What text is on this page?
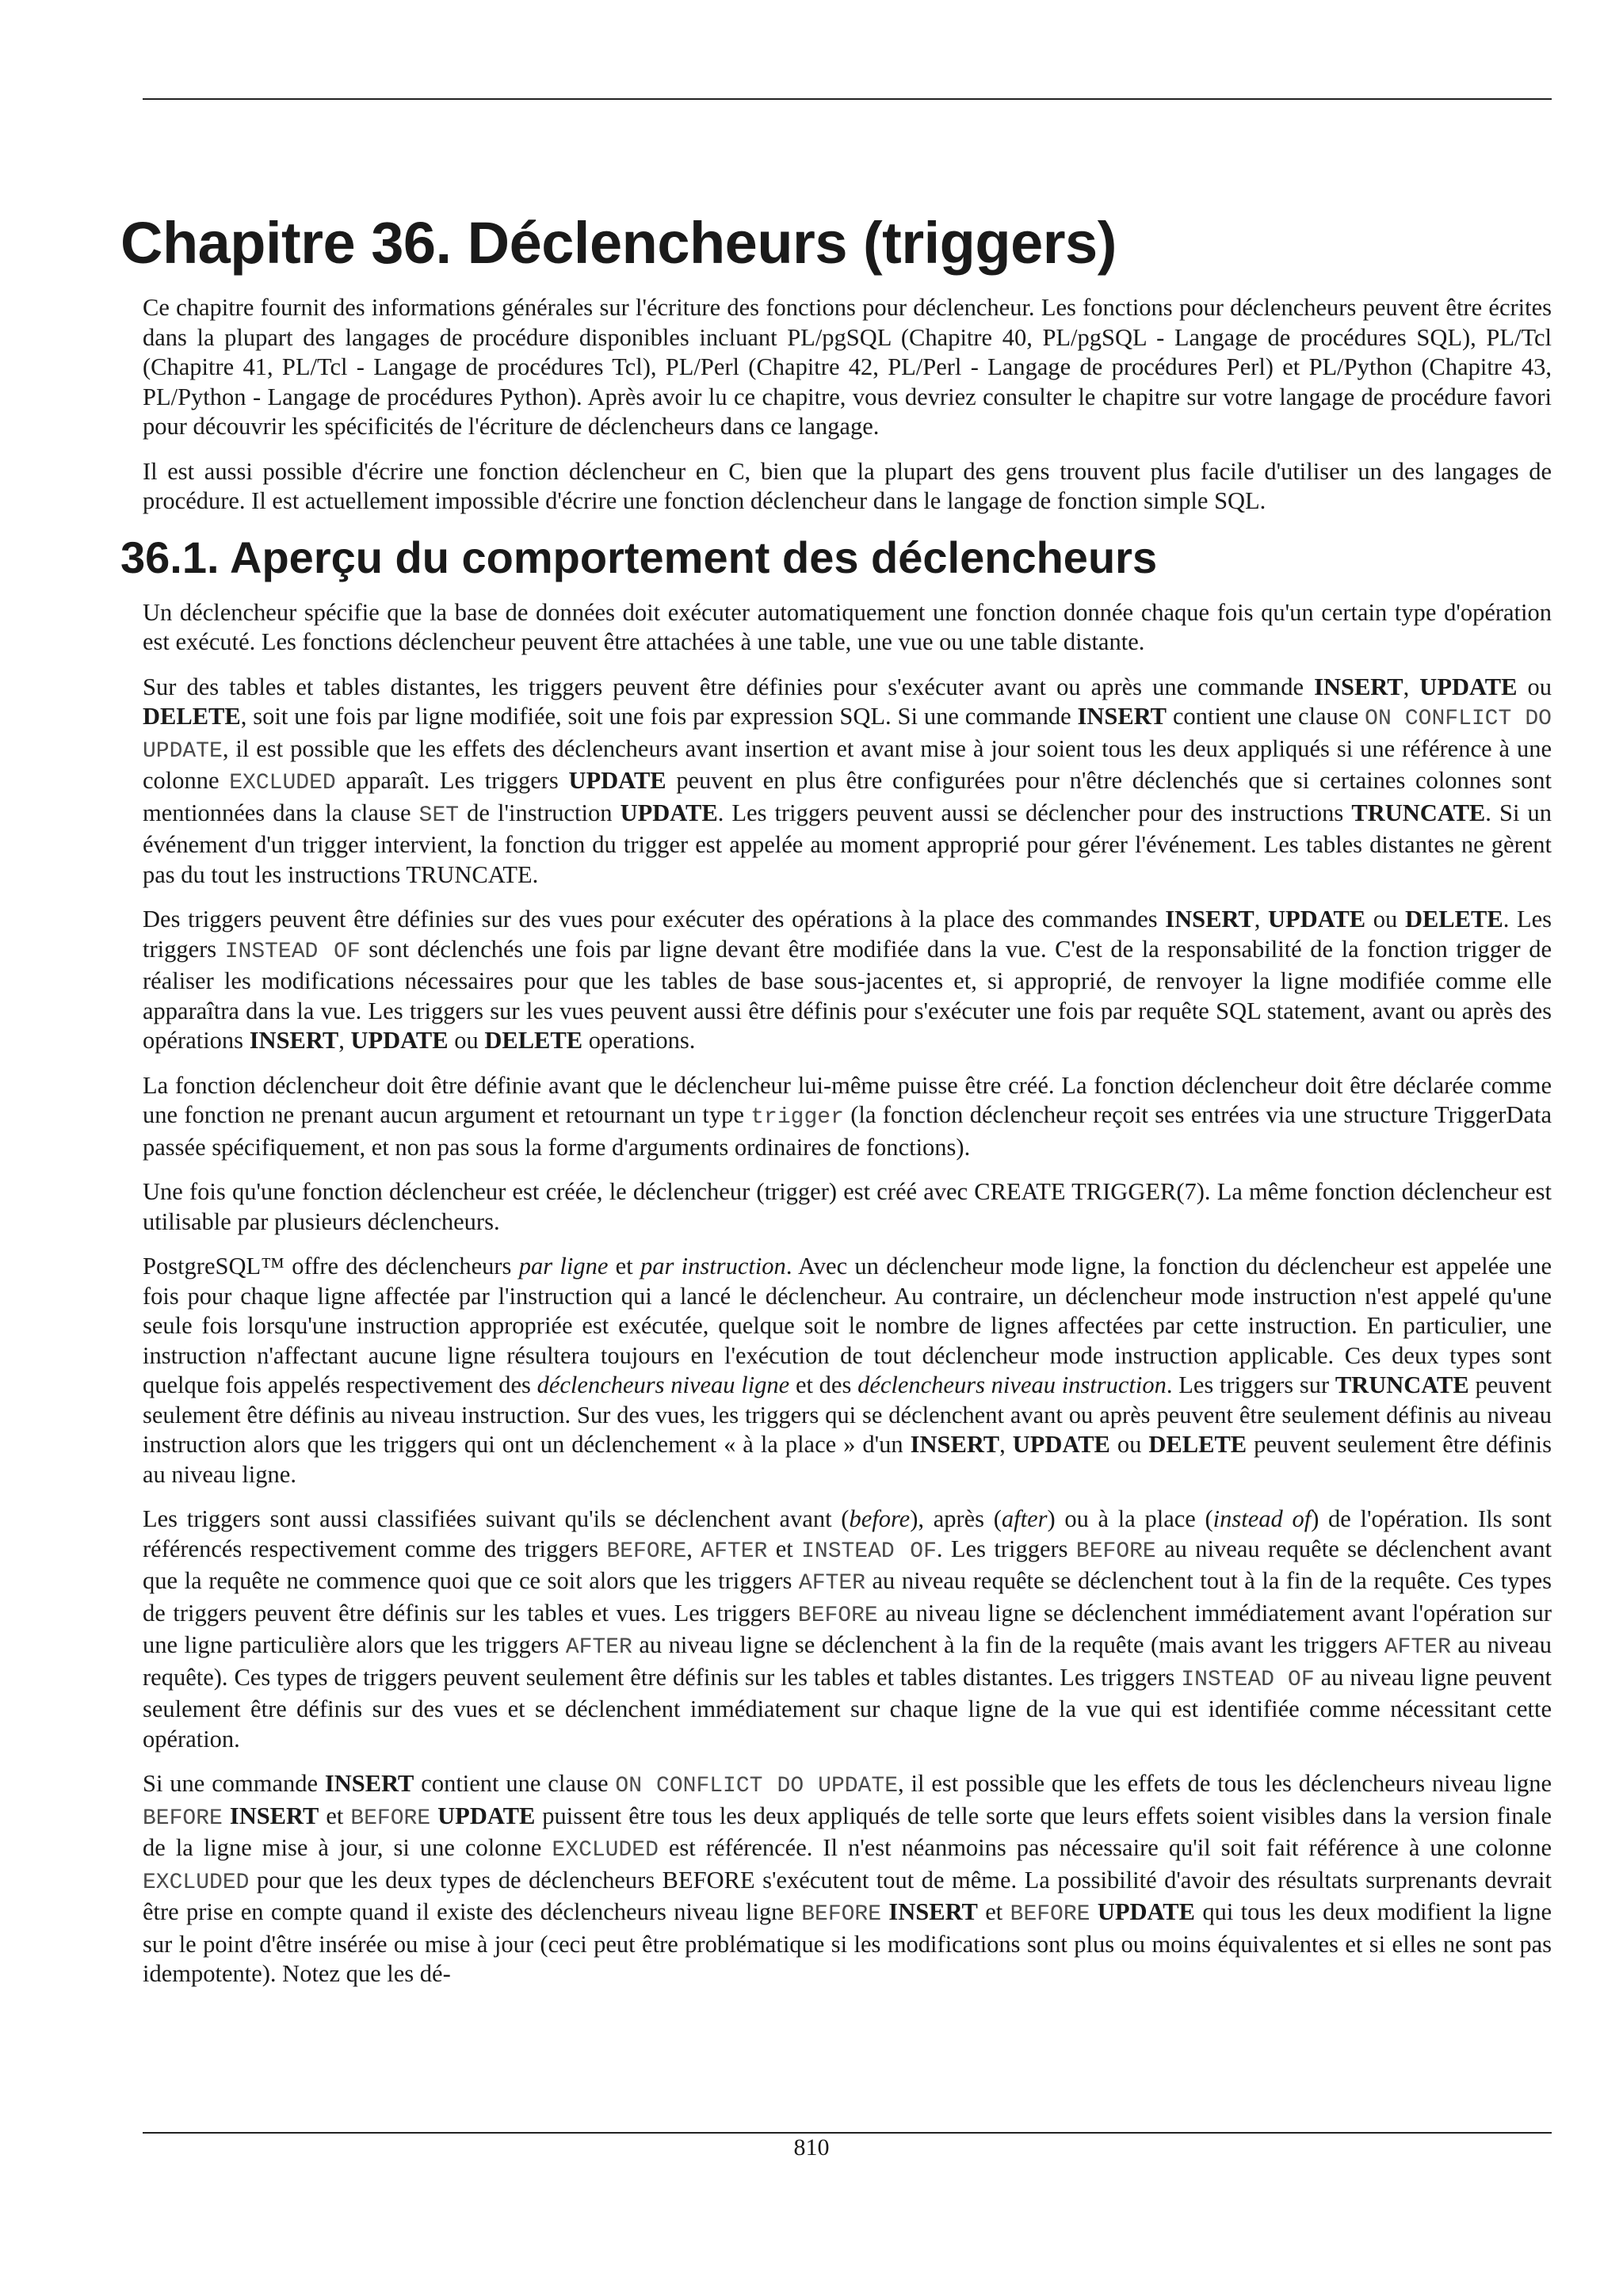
Chapitre 36. Déclencheurs (triggers)

Ce chapitre fournit des informations générales sur l'écriture des fonctions pour déclencheur. Les fonctions pour déclencheurs peuvent être écrites dans la plupart des langages de procédure disponibles incluant PL/pgSQL (Chapitre 40, PL/pgSQL - Langage de procédures SQL), PL/Tcl (Chapitre 41, PL/Tcl - Langage de procédures Tcl), PL/Perl (Chapitre 42, PL/Perl - Langage de procédures Perl) et PL/Python (Chapitre 43, PL/Python - Langage de procédures Python). Après avoir lu ce chapitre, vous devriez consulter le chapitre sur votre langage de procédure favori pour découvrir les spécificités de l'écriture de déclencheurs dans ce langage.

Il est aussi possible d'écrire une fonction déclencheur en C, bien que la plupart des gens trouvent plus facile d'utiliser un des langages de procédure. Il est actuellement impossible d'écrire une fonction déclencheur dans le langage de fonction simple SQL.

36.1. Aperçu du comportement des déclencheurs

Un déclencheur spécifie que la base de données doit exécuter automatiquement une fonction donnée chaque fois qu'un certain type d'opération est exécuté. Les fonctions déclencheur peuvent être attachées à une table, une vue ou une table distante.

Sur des tables et tables distantes, les triggers peuvent être définies pour s'exécuter avant ou après une commande INSERT, UPDATE ou DELETE, soit une fois par ligne modifiée, soit une fois par expression SQL. Si une commande INSERT contient une clause ON CONFLICT DO UPDATE, il est possible que les effets des déclencheurs avant insertion et avant mise à jour soient tous les deux appliqués si une référence à une colonne EXCLUDED apparaît. Les triggers UPDATE peuvent en plus être configurées pour n'être déclenchés que si certaines colonnes sont mentionnées dans la clause SET de l'instruction UPDATE. Les triggers peuvent aussi se déclencher pour des instructions TRUNCATE. Si un événement d'un trigger intervient, la fonction du trigger est appelée au moment approprié pour gérer l'événement. Les tables distantes ne gèrent pas du tout les instructions TRUNCATE.

Des triggers peuvent être définies sur des vues pour exécuter des opérations à la place des commandes INSERT, UPDATE ou DELETE. Les triggers INSTEAD OF sont déclenchés une fois par ligne devant être modifiée dans la vue. C'est de la responsabilité de la fonction trigger de réaliser les modifications nécessaires pour que les tables de base sous-jacentes et, si approprié, de renvoyer la ligne modifiée comme elle apparaîtra dans la vue. Les triggers sur les vues peuvent aussi être définis pour s'exécuter une fois par requête SQL statement, avant ou après des opérations INSERT, UPDATE ou DELETE operations.

La fonction déclencheur doit être définie avant que le déclencheur lui-même puisse être créé. La fonction déclencheur doit être déclarée comme une fonction ne prenant aucun argument et retournant un type trigger (la fonction déclencheur reçoit ses entrées via une structure TriggerData passée spécifiquement, et non pas sous la forme d'arguments ordinaires de fonctions).

Une fois qu'une fonction déclencheur est créée, le déclencheur (trigger) est créé avec CREATE TRIGGER(7). La même fonction déclencheur est utilisable par plusieurs déclencheurs.

PostgreSQL™ offre des déclencheurs par ligne et par instruction. Avec un déclencheur mode ligne, la fonction du déclencheur est appelée une fois pour chaque ligne affectée par l'instruction qui a lancé le déclencheur. Au contraire, un déclencheur mode instruction n'est appelé qu'une seule fois lorsqu'une instruction appropriée est exécutée, quelque soit le nombre de lignes affectées par cette instruction. En particulier, une instruction n'affectant aucune ligne résultera toujours en l'exécution de tout déclencheur mode instruction applicable. Ces deux types sont quelque fois appelés respectivement des déclencheurs niveau ligne et des déclencheurs niveau instruction. Les triggers sur TRUNCATE peuvent seulement être définis au niveau instruction. Sur des vues, les triggers qui se déclenchent avant ou après peuvent être seulement définis au niveau instruction alors que les triggers qui ont un déclenchement « à la place » d'un INSERT, UPDATE ou DELETE peuvent seulement être définis au niveau ligne.

Les triggers sont aussi classifiées suivant qu'ils se déclenchent avant (before), après (after) ou à la place (instead of) de l'opération. Ils sont référencés respectivement comme des triggers BEFORE, AFTER et INSTEAD OF. Les triggers BEFORE au niveau requête se déclenchent avant que la requête ne commence quoi que ce soit alors que les triggers AFTER au niveau requête se déclenchent tout à la fin de la requête. Ces types de triggers peuvent être définis sur les tables et vues. Les triggers BEFORE au niveau ligne se déclenchent immédiatement avant l'opération sur une ligne particulière alors que les triggers AFTER au niveau ligne se déclenchent à la fin de la requête (mais avant les triggers AFTER au niveau requête). Ces types de triggers peuvent seulement être définis sur les tables et tables distantes. Les triggers INSTEAD OF au niveau ligne peuvent seulement être définis sur des vues et se déclenchent immédiatement sur chaque ligne de la vue qui est identifiée comme nécessitant cette opération.

Si une commande INSERT contient une clause ON CONFLICT DO UPDATE, il est possible que les effets de tous les déclencheurs niveau ligne BEFORE INSERT et BEFORE UPDATE puissent être tous les deux appliqués de telle sorte que leurs effets soient visibles dans la version finale de la ligne mise à jour, si une colonne EXCLUDED est référencée. Il n'est néanmoins pas nécessaire qu'il soit fait référence à une colonne EXCLUDED pour que les deux types de déclencheurs BEFORE s'exécutent tout de même. La possibilité d'avoir des résultats surprenants devrait être prise en compte quand il existe des déclencheurs niveau ligne BEFORE INSERT et BEFORE UPDATE qui tous les deux modifient la ligne sur le point d'être insérée ou mise à jour (ceci peut être problématique si les modifications sont plus ou moins équivalentes et si elles ne sont pas idempotente). Notez que les dé-

810
